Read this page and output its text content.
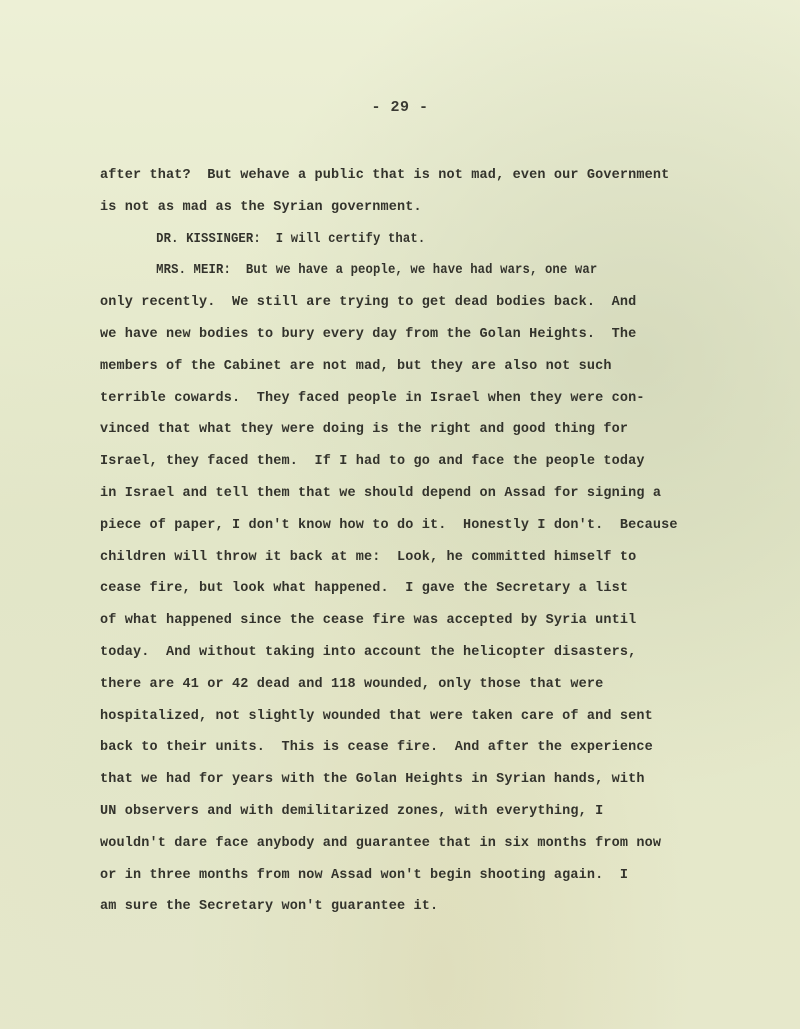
- 29 -
after that?  But wehave a public that is not mad, even our Government
is not as mad as the Syrian government.
DR. KISSINGER:  I will certify that.
MRS. MEIR:  But we have a people, we have had wars, one war
only recently.  We still are trying to get dead bodies back.  And
we have new bodies to bury every day from the Golan Heights.  The
members of the Cabinet are not mad, but they are also not such
terrible cowards.  They faced people in Israel when they were con-
vinced that what they were doing is the right and good thing for
Israel, they faced them.  If I had to go and face the people today
in Israel and tell them that we should depend on Assad for signing a
piece of paper, I don't know how to do it.  Honestly I don't.  Because
children will throw it back at me:  Look, he committed himself to
cease fire, but look what happened.  I gave the Secretary a list
of what happened since the cease fire was accepted by Syria until
today.  And without taking into account the helicopter disasters,
there are 41 or 42 dead and 118 wounded, only those that were
hospitalized, not slightly wounded that were taken care of and sent
back to their units.  This is cease fire.  And after the experience
that we had for years with the Golan Heights in Syrian hands, with
UN observers and with demilitarized zones, with everything, I
wouldn't dare face anybody and guarantee that in six months from now
or in three months from now Assad won't begin shooting again.  I
am sure the Secretary won't guarantee it.
